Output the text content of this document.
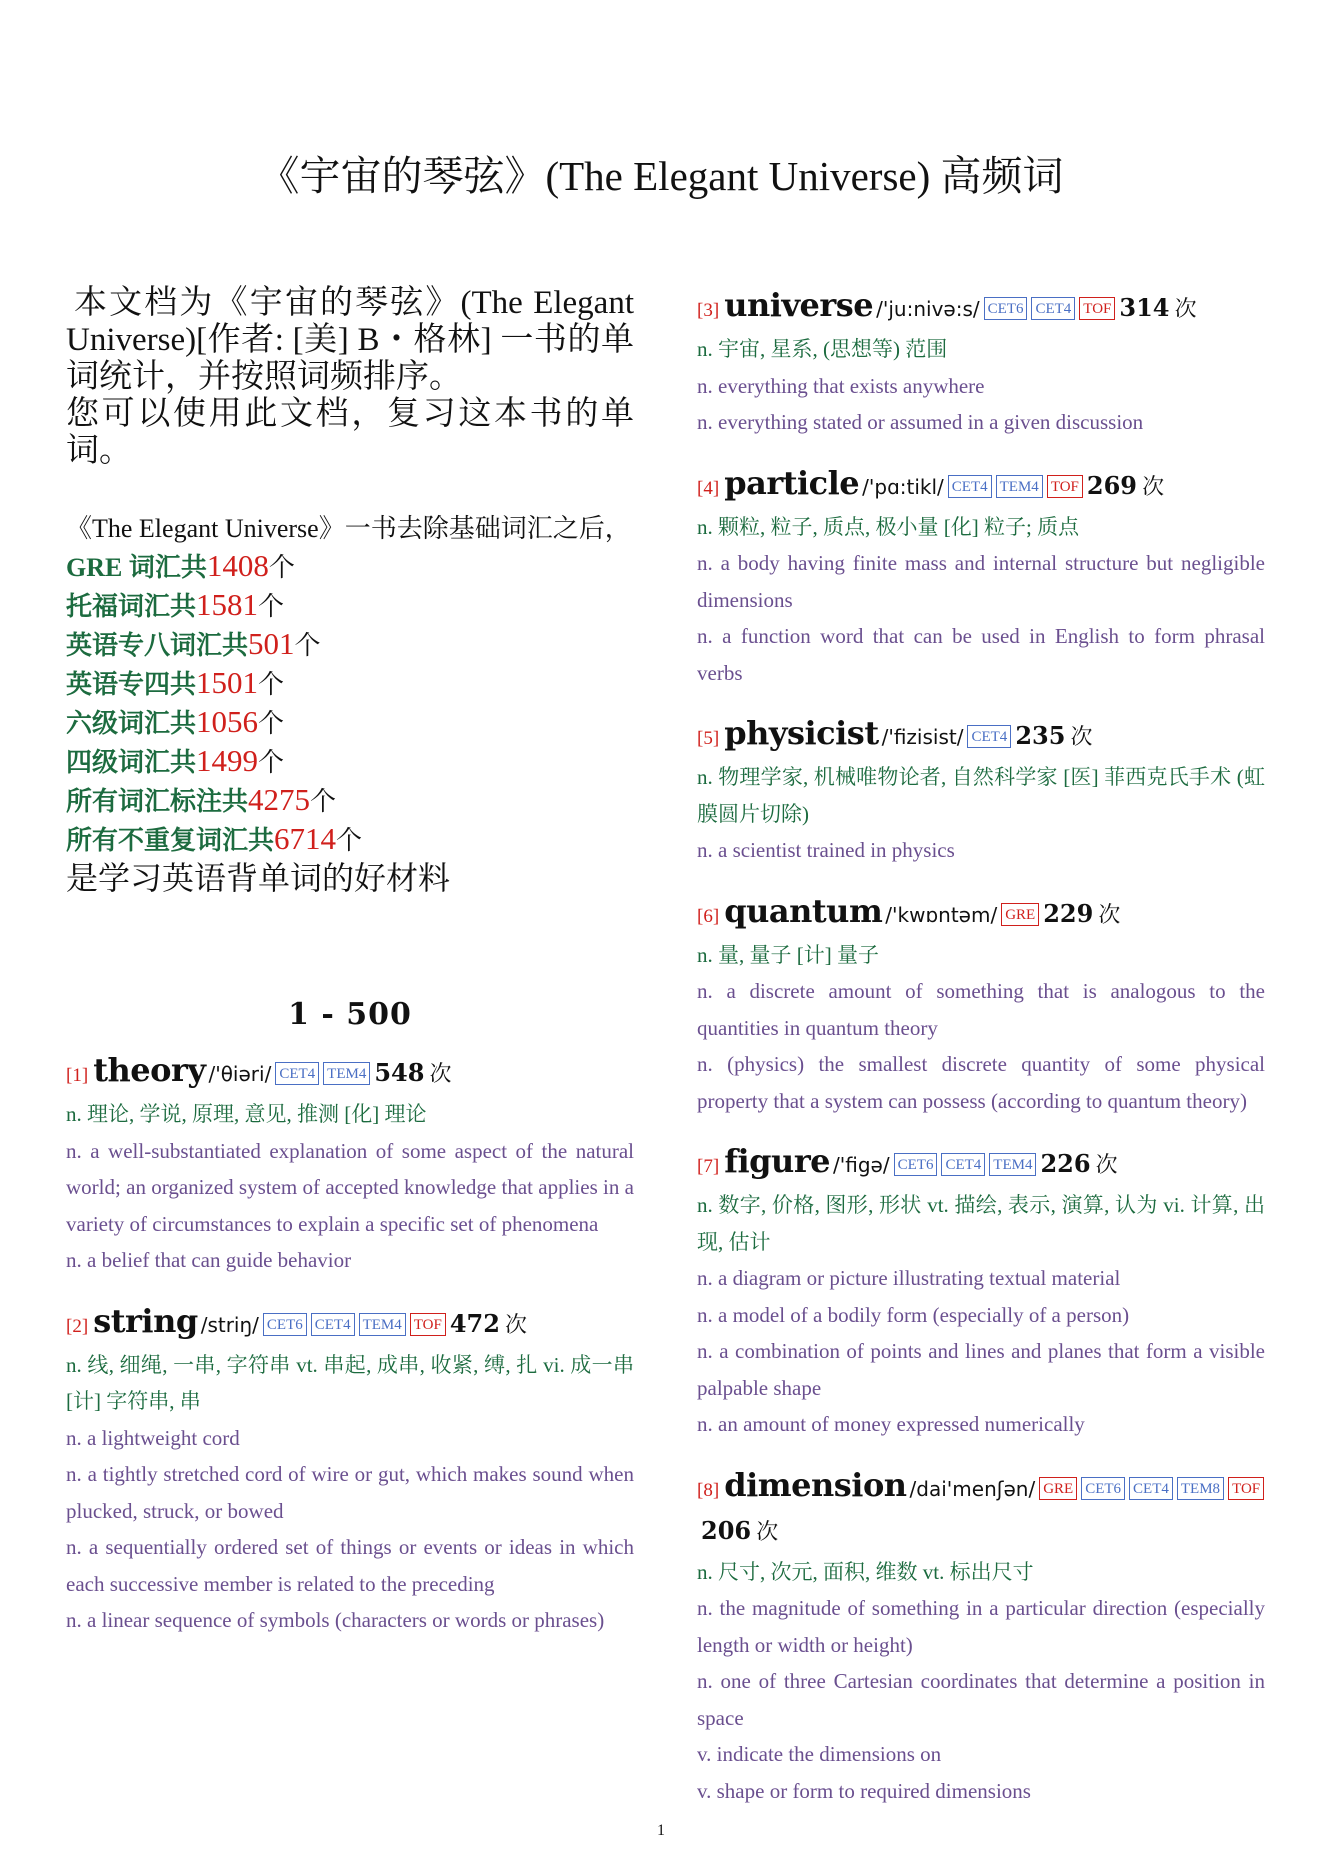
《宇宙的琴弦》(The Elegant Universe) 高频词

本文档为《宇宙的琴弦》(The Elegant Universe)[作者: [美] B・格林] 一书的单词统计，并按照词频排序。

您可以使用此文档，复习这本书的单词。

《The Elegant Universe》一书去除基础词汇之后，
GRE 词汇共1408个
托福词汇共1581个
英语专八词汇共501个
英语专四共1501个
六级词汇共1056个
四级词汇共1499个
所有词汇标注共4275个
所有不重复词汇共6714个
是学习英语背单词的好材料
1 - 500
[1] theory /'θiəri/ CET4 TEM4 548 次
n. 理论, 学说, 原理, 意见, 推测 [化] 理论
n. a well-substantiated explanation of some aspect of the natural world; an organized system of accepted knowledge that applies in a variety of circumstances to explain a specific set of phenomena
n. a belief that can guide behavior
[2] string /striŋ/ CET6 CET4 TEM4 TOF 472 次
n. 线, 细绳, 一串, 字符串 vt. 串起, 成串, 收紧, 缚, 扎 vi. 成一串 [计] 字符串, 串
n. a lightweight cord
n. a tightly stretched cord of wire or gut, which makes sound when plucked, struck, or bowed
n. a sequentially ordered set of things or events or ideas in which each successive member is related to the preceding
n. a linear sequence of symbols (characters or words or phrases)
[3] universe /'ju:nivə:s/ CET6 CET4 TOF 314 次
n. 宇宙, 星系, (思想等) 范围
n. everything that exists anywhere
n. everything stated or assumed in a given discussion
[4] particle /'pɑ:tikl/ CET4 TEM4 TOF 269 次
n. 颗粒, 粒子, 质点, 极小量 [化] 粒子; 质点
n. a body having finite mass and internal structure but negligible dimensions
n. a function word that can be used in English to form phrasal verbs
[5] physicist /'fizisist/ CET4 235 次
n. 物理学家, 机械唯物论者, 自然科学家 [医] 菲西克氏手术 (虹膜圆片切除)
n. a scientist trained in physics
[6] quantum /'kwɒntəm/ GRE 229 次
n. 量, 量子 [计] 量子
n. a discrete amount of something that is analogous to the quantities in quantum theory
n. (physics) the smallest discrete quantity of some physical property that a system can possess (according to quantum theory)
[7] figure /'figə/ CET6 CET4 TEM4 226 次
n. 数字, 价格, 图形, 形状 vt. 描绘, 表示, 演算, 认为 vi. 计算, 出现, 估计
n. a diagram or picture illustrating textual material
n. a model of a bodily form (especially of a person)
n. a combination of points and lines and planes that form a visible palpable shape
n. an amount of money expressed numerically
[8] dimension /dai'menʃən/ GRE CET6 CET4 TEM8 TOF206 次
n. 尺寸, 次元, 面积, 维数 vt. 标出尺寸
n. the magnitude of something in a particular direction (especially length or width or height)
n. one of three Cartesian coordinates that determine a position in space
v. indicate the dimensions on
v. shape or form to required dimensions
1
